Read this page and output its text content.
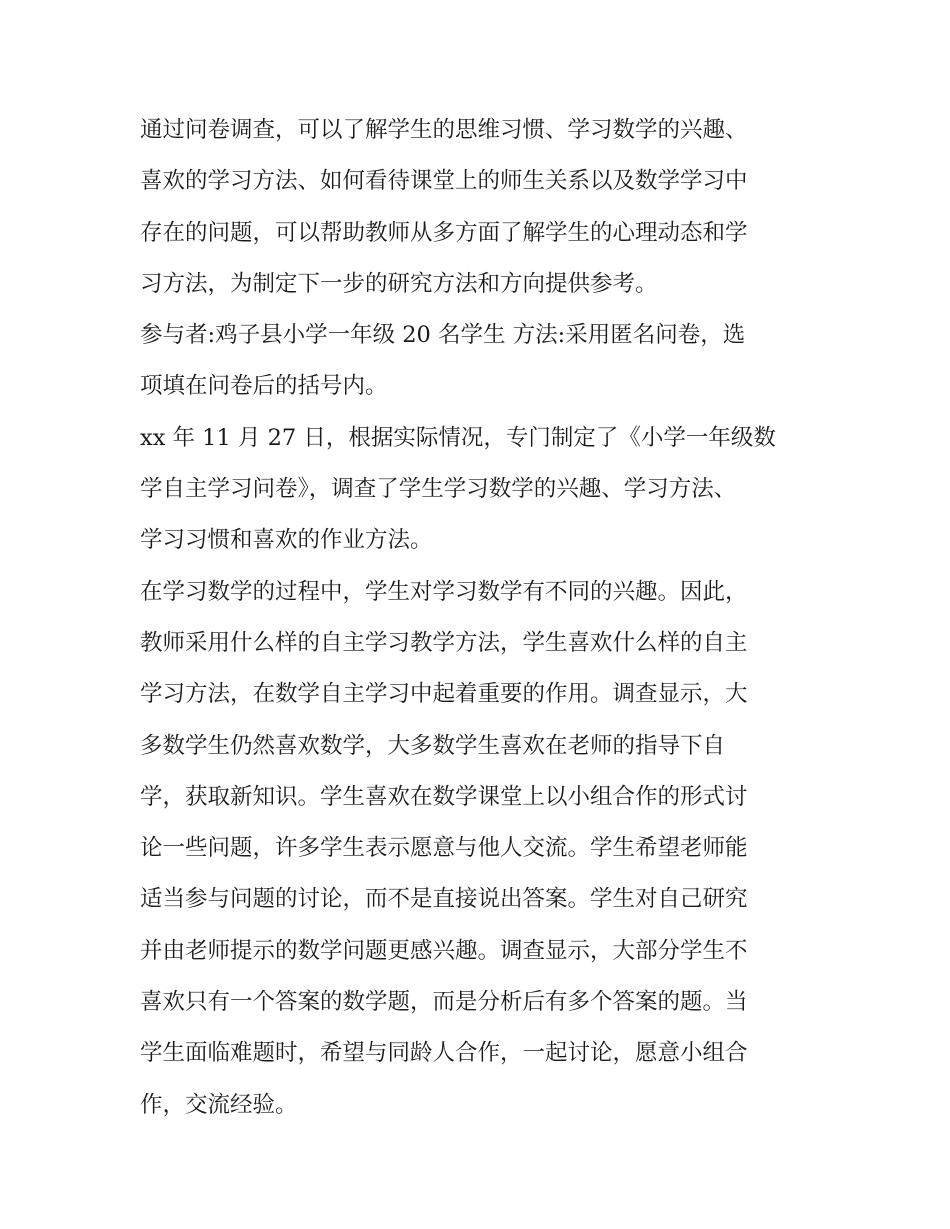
通过问卷调查，可以了解学生的思维习惯、学习数学的兴趣、
喜欢的学习方法、如何看待课堂上的师生关系以及数学学习中
存在的问题，可以帮助教师从多方面了解学生的心理动态和学
习方法，为制定下一步的研究方法和方向提供参考。
参与者:鸡子县小学一年级 20 名学生 方法:采用匿名问卷，选
项填在问卷后的括号内。
xx 年 11 月 27 日，根据实际情况，专门制定了《小学一年级数
学自主学习问卷》，调查了学生学习数学的兴趣、学习方法、
学习习惯和喜欢的作业方法。
在学习数学的过程中，学生对学习数学有不同的兴趣。因此，
教师采用什么样的自主学习教学方法，学生喜欢什么样的自主
学习方法，在数学自主学习中起着重要的作用。调查显示，大
多数学生仍然喜欢数学，大多数学生喜欢在老师的指导下自
学，获取新知识。学生喜欢在数学课堂上以小组合作的形式讨
论一些问题，许多学生表示愿意与他人交流。学生希望老师能
适当参与问题的讨论，而不是直接说出答案。学生对自己研究
并由老师提示的数学问题更感兴趣。调查显示，大部分学生不
喜欢只有一个答案的数学题，而是分析后有多个答案的题。当
学生面临难题时，希望与同龄人合作，一起讨论，愿意小组合
作，交流经验。
